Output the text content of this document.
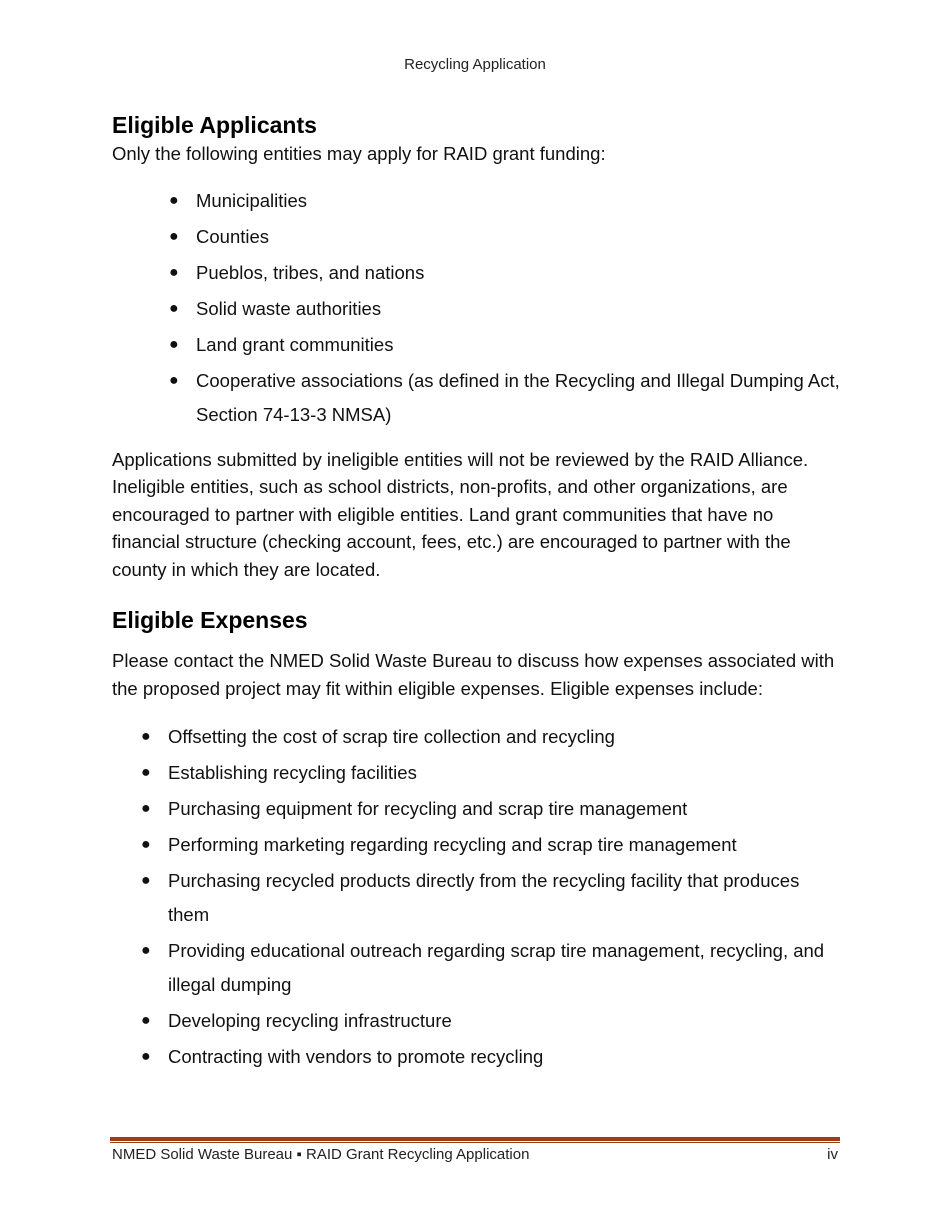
Recycling Application
Eligible Applicants

Only the following entities may apply for RAID grant funding:

● Municipalities
● Counties
● Pueblos, tribes, and nations
● Solid waste authorities
● Land grant communities
● Cooperative associations (as defined in the Recycling and Illegal Dumping Act, Section 74-13-3 NMSA)

Applications submitted by ineligible entities will not be reviewed by the RAID Alliance. Ineligible entities, such as school districts, non-profits, and other organizations, are encouraged to partner with eligible entities. Land grant communities that have no financial structure (checking account, fees, etc.) are encouraged to partner with the county in which they are located.

Eligible Expenses

Please contact the NMED Solid Waste Bureau to discuss how expenses associated with the proposed project may fit within eligible expenses. Eligible expenses include:

● Offsetting the cost of scrap tire collection and recycling
● Establishing recycling facilities
● Purchasing equipment for recycling and scrap tire management
● Performing marketing regarding recycling and scrap tire management
● Purchasing recycled products directly from the recycling facility that produces them
● Providing educational outreach regarding scrap tire management, recycling, and illegal dumping
● Developing recycling infrastructure
● Contracting with vendors to promote recycling
NMED Solid Waste Bureau ▪ RAID Grant Recycling Application	iv
